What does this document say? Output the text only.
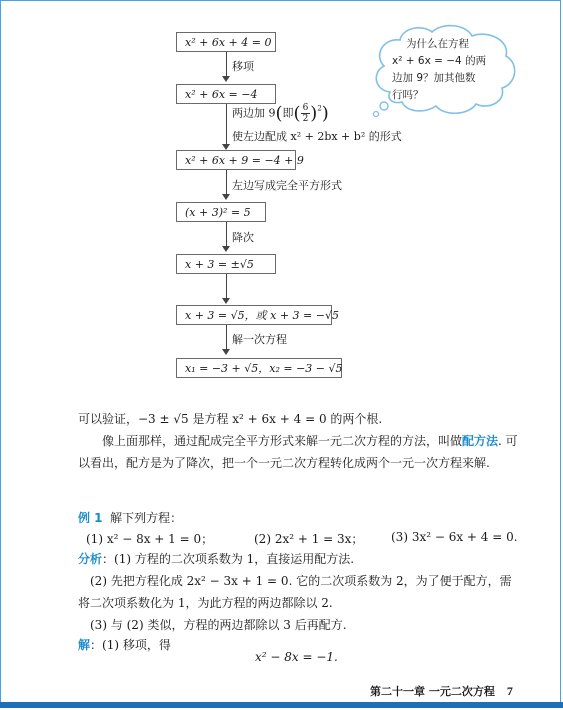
x² + 6x + 4 = 0
移项
x² + 6x = −4
两边加 9(即( $\frac{6}{2} )^2$)
使左边配成 x² + 2bx + b² 的形式
x² + 6x + 9 = −4 + 9
左边写成完全平方形式
(x + 3)² = 5
降次
x + 3 = ±√5
x + 3 = √5，或 x + 3 = −√5
解一次方程
x₁ = −3 + √5，x₂ = −3 − √5
为什么在方程
x² + 6x = −4 的两
边加 9？加其他数
行吗？
可以验证，−3 ± √5 是方程 x² + 6x + 4 = 0 的两个根.
像上面那样，通过配成完全平方形式来解一元二次方程的方法，叫做配方法. 可以看出，配方是为了降次，把一个一元二次方程转化成两个一元一次方程来解.
例 1 解下列方程：
(1) x² − 8x + 1 = 0；	(2) 2x² + 1 = 3x； (3) 3x² − 6x + 4 = 0.
分析：(1) 方程的二次项系数为 1，直接运用配方法.
(2) 先把方程化成 2x² − 3x + 1 = 0. 它的二次项系数为 2，为了便于配方，需将二次项系数化为 1，为此方程的两边都除以 2.
(3) 与 (2) 类似，方程的两边都除以 3 后再配方.
解：(1) 移项，得
x² − 8x = −1.
第二十一章 一元二次方程 7
